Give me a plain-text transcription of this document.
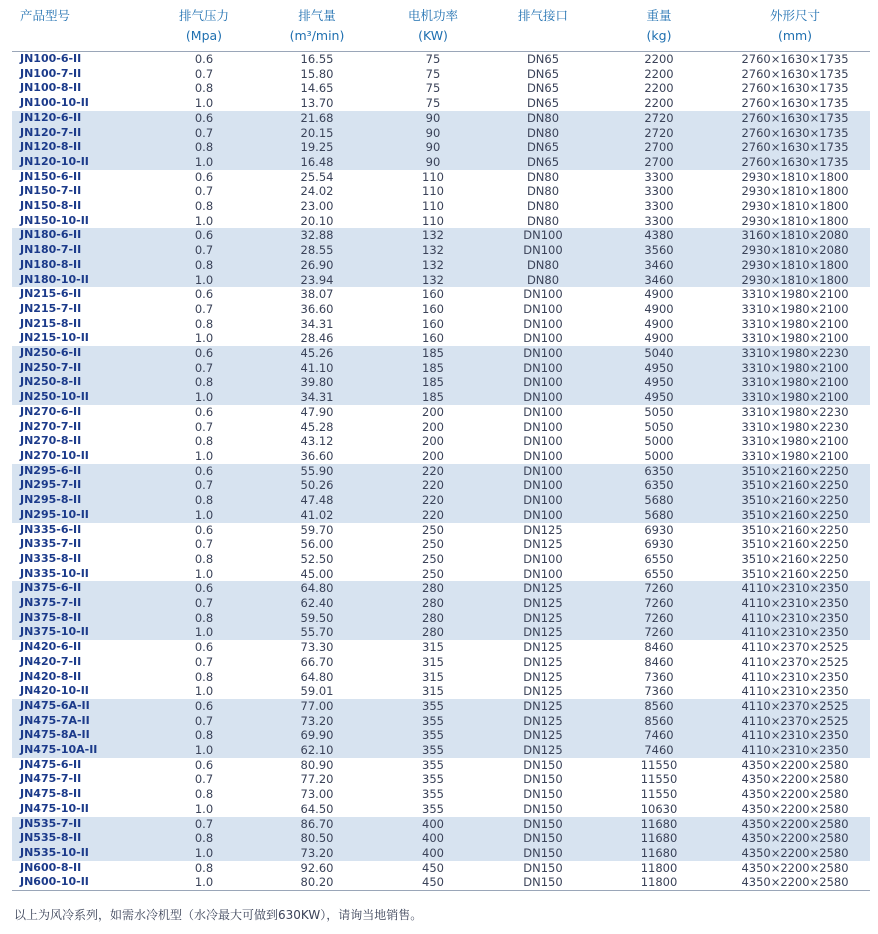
产品型号	排气压力	排气量	电机功率	排气接口	重量	外形尺寸
	(Mpa)	(m³/min)	(KW)		(kg)	(mm)
JN100-6-II	0.6	16.55	75	DN65	2200	2760×1630×1735
JN100-7-II	0.7	15.80	75	DN65	2200	2760×1630×1735
JN100-8-II	0.8	14.65	75	DN65	2200	2760×1630×1735
JN100-10-II	1.0	13.70	75	DN65	2200	2760×1630×1735
JN120-6-II	0.6	21.68	90	DN80	2720	2760×1630×1735
JN120-7-II	0.7	20.15	90	DN80	2720	2760×1630×1735
JN120-8-II	0.8	19.25	90	DN65	2700	2760×1630×1735
JN120-10-II	1.0	16.48	90	DN65	2700	2760×1630×1735
JN150-6-II	0.6	25.54	110	DN80	3300	2930×1810×1800
JN150-7-II	0.7	24.02	110	DN80	3300	2930×1810×1800
JN150-8-II	0.8	23.00	110	DN80	3300	2930×1810×1800
JN150-10-II	1.0	20.10	110	DN80	3300	2930×1810×1800
JN180-6-II	0.6	32.88	132	DN100	4380	3160×1810×2080
JN180-7-II	0.7	28.55	132	DN100	3560	2930×1810×2080
JN180-8-II	0.8	26.90	132	DN80	3460	2930×1810×1800
JN180-10-II	1.0	23.94	132	DN80	3460	2930×1810×1800
JN215-6-II	0.6	38.07	160	DN100	4900	3310×1980×2100
JN215-7-II	0.7	36.60	160	DN100	4900	3310×1980×2100
JN215-8-II	0.8	34.31	160	DN100	4900	3310×1980×2100
JN215-10-II	1.0	28.46	160	DN100	4900	3310×1980×2100
JN250-6-II	0.6	45.26	185	DN100	5040	3310×1980×2230
JN250-7-II	0.7	41.10	185	DN100	4950	3310×1980×2100
JN250-8-II	0.8	39.80	185	DN100	4950	3310×1980×2100
JN250-10-II	1.0	34.31	185	DN100	4950	3310×1980×2100
JN270-6-II	0.6	47.90	200	DN100	5050	3310×1980×2230
JN270-7-II	0.7	45.28	200	DN100	5050	3310×1980×2230
JN270-8-II	0.8	43.12	200	DN100	5000	3310×1980×2100
JN270-10-II	1.0	36.60	200	DN100	5000	3310×1980×2100
JN295-6-II	0.6	55.90	220	DN100	6350	3510×2160×2250
JN295-7-II	0.7	50.26	220	DN100	6350	3510×2160×2250
JN295-8-II	0.8	47.48	220	DN100	5680	3510×2160×2250
JN295-10-II	1.0	41.02	220	DN100	5680	3510×2160×2250
JN335-6-II	0.6	59.70	250	DN125	6930	3510×2160×2250
JN335-7-II	0.7	56.00	250	DN125	6930	3510×2160×2250
JN335-8-II	0.8	52.50	250	DN100	6550	3510×2160×2250
JN335-10-II	1.0	45.00	250	DN100	6550	3510×2160×2250
JN375-6-II	0.6	64.80	280	DN125	7260	4110×2310×2350
JN375-7-II	0.7	62.40	280	DN125	7260	4110×2310×2350
JN375-8-II	0.8	59.50	280	DN125	7260	4110×2310×2350
JN375-10-II	1.0	55.70	280	DN125	7260	4110×2310×2350
JN420-6-II	0.6	73.30	315	DN125	8460	4110×2370×2525
JN420-7-II	0.7	66.70	315	DN125	8460	4110×2370×2525
JN420-8-II	0.8	64.80	315	DN125	7360	4110×2310×2350
JN420-10-II	1.0	59.01	315	DN125	7360	4110×2310×2350
JN475-6A-II	0.6	77.00	355	DN125	8560	4110×2370×2525
JN475-7A-II	0.7	73.20	355	DN125	8560	4110×2370×2525
JN475-8A-II	0.8	69.90	355	DN125	7460	4110×2310×2350
JN475-10A-II	1.0	62.10	355	DN125	7460	4110×2310×2350
JN475-6-II	0.6	80.90	355	DN150	11550	4350×2200×2580
JN475-7-II	0.7	77.20	355	DN150	11550	4350×2200×2580
JN475-8-II	0.8	73.00	355	DN150	11550	4350×2200×2580
JN475-10-II	1.0	64.50	355	DN150	10630	4350×2200×2580
JN535-7-II	0.7	86.70	400	DN150	11680	4350×2200×2580
JN535-8-II	0.8	80.50	400	DN150	11680	4350×2200×2580
JN535-10-II	1.0	73.20	400	DN150	11680	4350×2200×2580
JN600-8-II	0.8	92.60	450	DN150	11800	4350×2200×2580
JN600-10-II	1.0	80.20	450	DN150	11800	4350×2200×2580

以上为风冷系列，如需水冷机型（水冷最大可做到630KW），请询当地销售。
